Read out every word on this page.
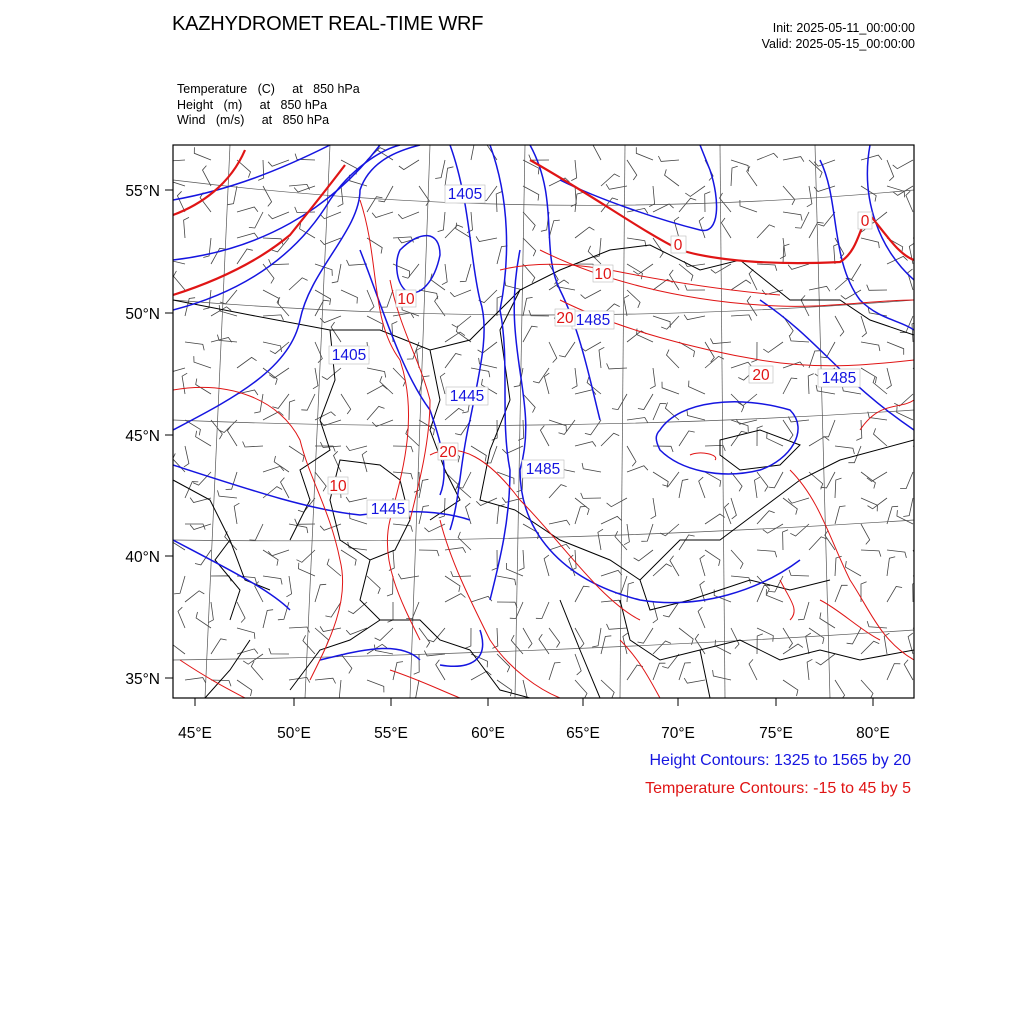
KAZHYDROMET REAL-TIME WRF	Init: 2025-05-11_00:00:00
Valid: 2025-05-15_00:00:00
Temperature   (C)     at   850 hPa
Height   (m)     at   850 hPa
Wind   (m/s)     at   850 hPa
1405
1405
1445
1485
1445
1485
1485
10
20
10
20
10
0
0
20
55°N
50°N
45°N
40°N
35°N
45°E	50°E	55°E	60°E	65°E	70°E	75°E	80°E
Height Contours: 1325 to 1565 by 20
Temperature Contours: -15 to 45 by 5
